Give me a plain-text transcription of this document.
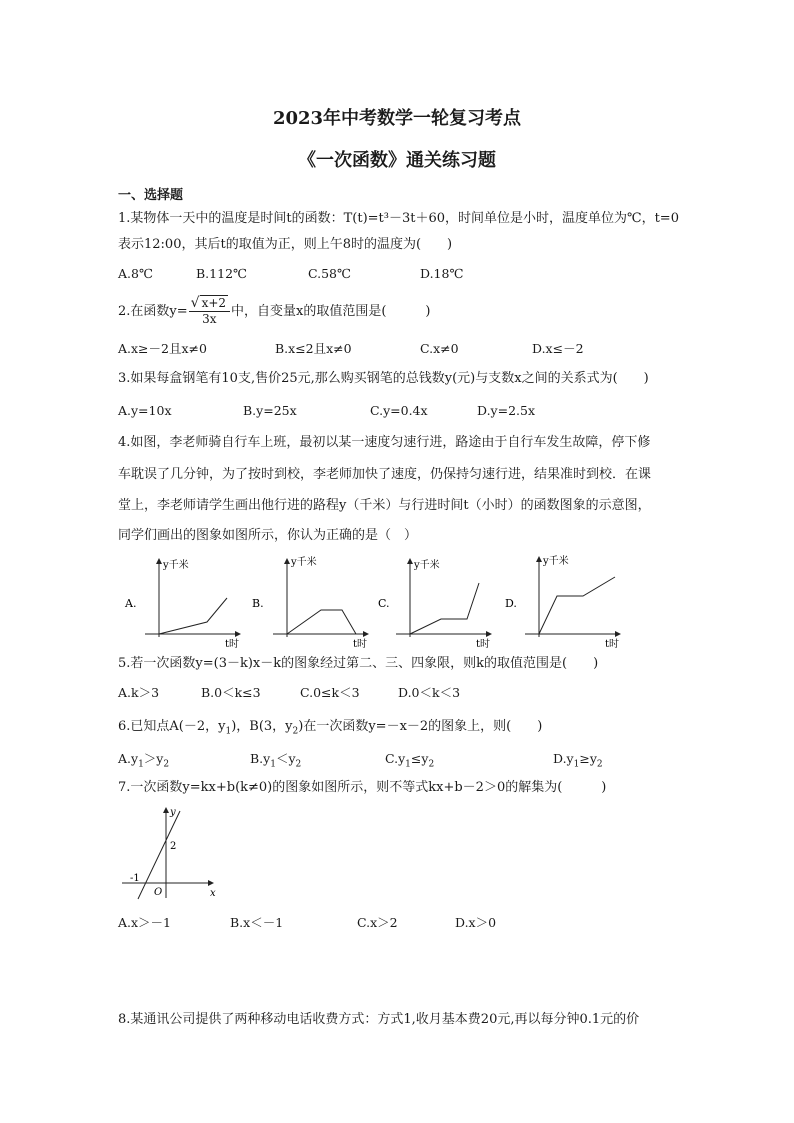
2023年中考数学一轮复习考点
《一次函数》通关练习题
一、选择题
1.某物体一天中的温度是时间t的函数：T(t)=t³－3t＋60，时间单位是小时，温度单位为℃，t=0
表示12:00，其后t的取值为正，则上午8时的温度为(　　)
A.8℃	B.112℃	C.58℃	D.18℃
2.在函数$y= \frac{√ x+2}{3x}$ 中，自变量x的取值范围是(　　　)
A.x≥－2且x≠0	B.x≤2且x≠0	C.x≠0	D.x≤－2
3.如果每盒钢笔有10支,售价25元,那么购买钢笔的总钱数y(元)与支数x之间的关系式为(　　)
A.y=10x	B.y=25x	C.y=0.4x	D.y=2.5x
4.如图，李老师骑自行车上班，最初以某一速度匀速行进，路途由于自行车发生故障，停下修
车耽误了几分钟，为了按时到校，李老师加快了速度，仍保持匀速行进，结果准时到校．在课
堂上，李老师请学生画出他行进的路程y（千米）与行进时间t（小时）的函数图象的示意图，
同学们画出的图象如图所示，你认为正确的是（　）
A.
y千米
t时
B.
y千米
t时
C.
y千米
t时
D.
y千米
t时
5.若一次函数y=(3－k)x－k的图象经过第二、三、四象限，则k的取值范围是(　　)
A.k＞3	B.0＜k≤3	C.0≤k＜3	D.0＜k＜3
6.已知点A(－2，$y_1$)，B(3，$y_2$)在一次函数y=－x－2的图象上，则(　　)
$A.y_1>y_2$	$B.y_1<y_2$	$C.y_1\le y_2$	$D.y_1\ge y_2$
7.一次函数y=kx+b(k≠0)的图象如图所示，则不等式kx+b－2＞0的解集为(　　　)
y
x
O
-1
2
A.x＞－1	B.x＜－1	C.x＞2	D.x＞0
8.某通讯公司提供了两种移动电话收费方式：方式1,收月基本费20元,再以每分钟0.1元的价
